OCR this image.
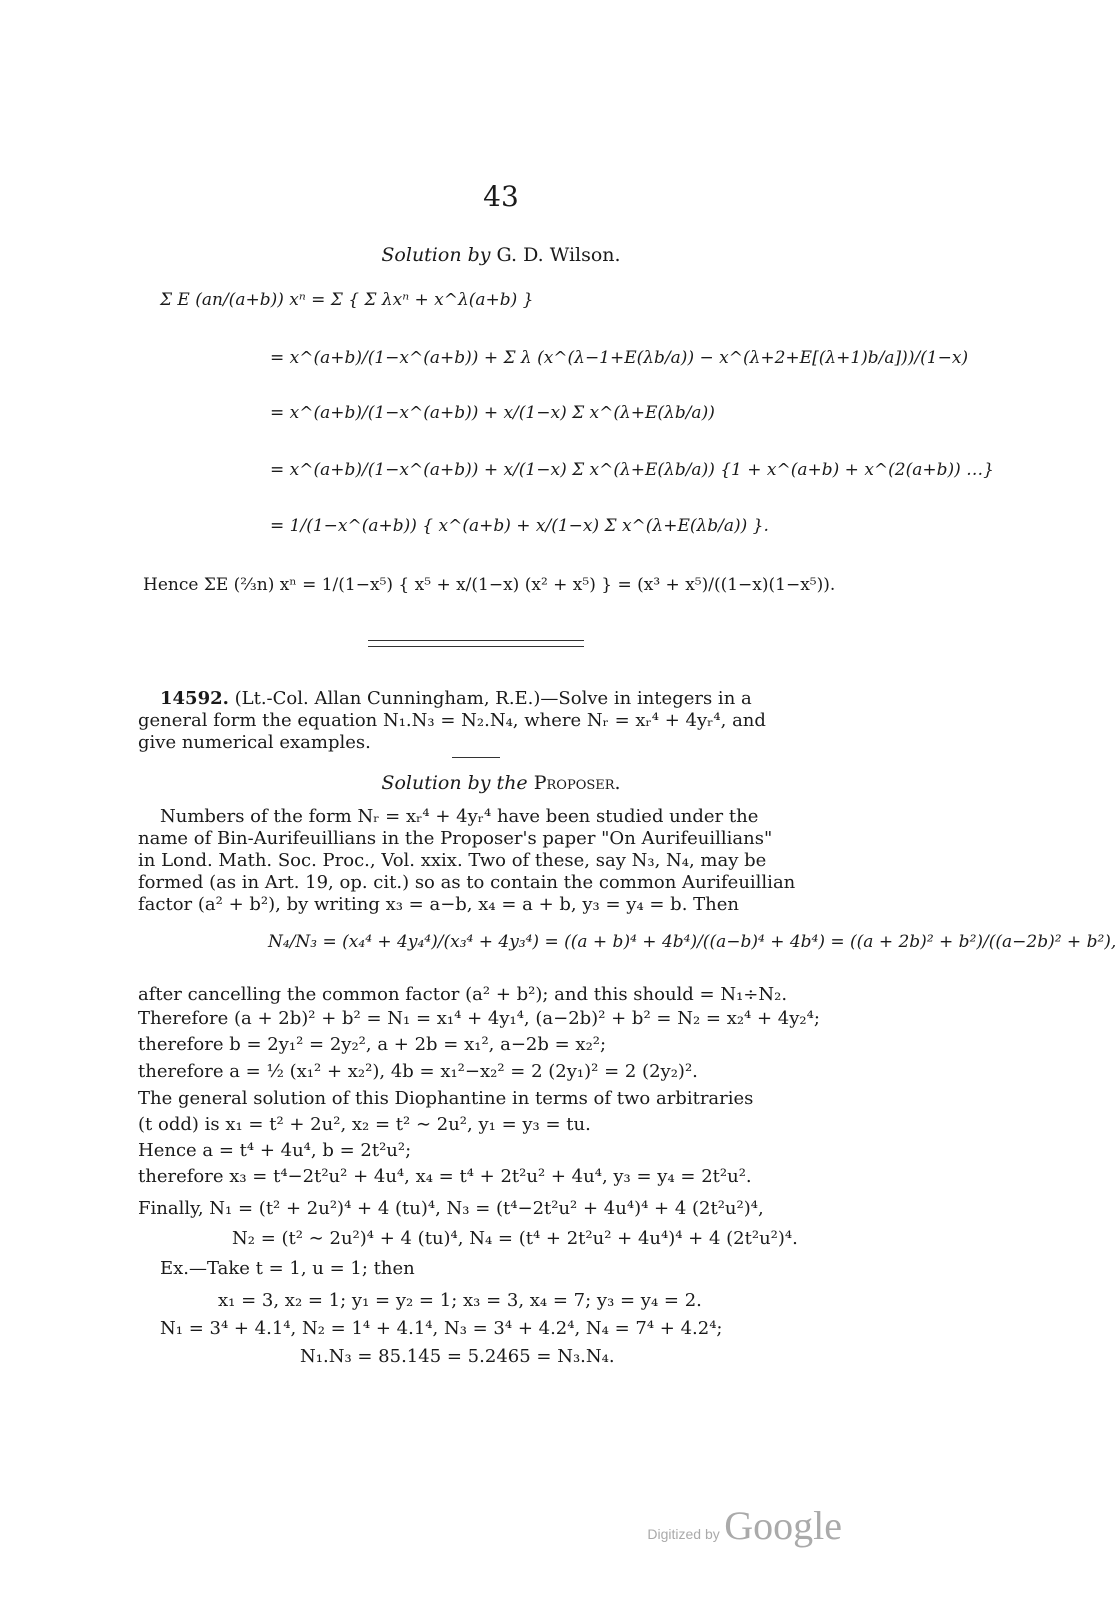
43
Solution by G. D. Wilson.
Σ E (an/(a+b)) xⁿ = Σ { Σ λxⁿ + x^λ(a+b) }
= x^(a+b)/(1−x^(a+b)) + Σ λ (x^(λ−1+E(λb/a)) − x^(λ+2+E[(λ+1)b/a]))/(1−x)
= x^(a+b)/(1−x^(a+b)) + x/(1−x) Σ x^(λ+E(λb/a))
= x^(a+b)/(1−x^(a+b)) + x/(1−x) Σ x^(λ+E(λb/a)) {1 + x^(a+b) + x^(2(a+b)) …}
= 1/(1−x^(a+b)) { x^(a+b) + x/(1−x) Σ x^(λ+E(λb/a)) }.
Hence ΣE (⅔n) xⁿ = 1/(1−x⁵) { x⁵ + x/(1−x) (x² + x⁵) } = (x³ + x⁵)/((1−x)(1−x⁵)).
14592. (Lt.-Col. Allan Cunningham, R.E.)—Solve in integers in a
general form the equation N₁.N₃ = N₂.N₄, where Nᵣ = xᵣ⁴ + 4yᵣ⁴, and
give numerical examples.
Solution by the Proposer.
Numbers of the form Nᵣ = xᵣ⁴ + 4yᵣ⁴ have been studied under the
name of Bin-Aurifeuillians in the Proposer's paper "On Aurifeuillians"
in Lond. Math. Soc. Proc., Vol. xxix. Two of these, say N₃, N₄, may be
formed (as in Art. 19, op. cit.) so as to contain the common Aurifeuillian
factor (a² + b²), by writing x₃ = a−b, x₄ = a + b, y₃ = y₄ = b. Then
N₄/N₃ = (x₄⁴ + 4y₄⁴)/(x₃⁴ + 4y₃⁴) = ((a + b)⁴ + 4b⁴)/((a−b)⁴ + 4b⁴) = ((a + 2b)² + b²)/((a−2b)² + b²),
after cancelling the common factor (a² + b²); and this should = N₁÷N₂.
Therefore (a + 2b)² + b² = N₁ = x₁⁴ + 4y₁⁴, (a−2b)² + b² = N₂ = x₂⁴ + 4y₂⁴;
therefore b = 2y₁² = 2y₂², a + 2b = x₁², a−2b = x₂²;
therefore a = ½ (x₁² + x₂²), 4b = x₁²−x₂² = 2 (2y₁)² = 2 (2y₂)².
The general solution of this Diophantine in terms of two arbitraries
(t odd) is x₁ = t² + 2u², x₂ = t² ∼ 2u², y₁ = y₃ = tu.
Hence a = t⁴ + 4u⁴, b = 2t²u²;
therefore x₃ = t⁴−2t²u² + 4u⁴, x₄ = t⁴ + 2t²u² + 4u⁴, y₃ = y₄ = 2t²u².
Finally, N₁ = (t² + 2u²)⁴ + 4 (tu)⁴, N₃ = (t⁴−2t²u² + 4u⁴)⁴ + 4 (2t²u²)⁴,
N₂ = (t² ∼ 2u²)⁴ + 4 (tu)⁴, N₄ = (t⁴ + 2t²u² + 4u⁴)⁴ + 4 (2t²u²)⁴.
Ex.—Take t = 1, u = 1; then
x₁ = 3, x₂ = 1; y₁ = y₂ = 1; x₃ = 3, x₄ = 7; y₃ = y₄ = 2.
N₁ = 3⁴ + 4.1⁴, N₂ = 1⁴ + 4.1⁴, N₃ = 3⁴ + 4.2⁴, N₄ = 7⁴ + 4.2⁴;
N₁.N₃ = 85.145 = 5.2465 = N₃.N₄.
Digitized by Google
